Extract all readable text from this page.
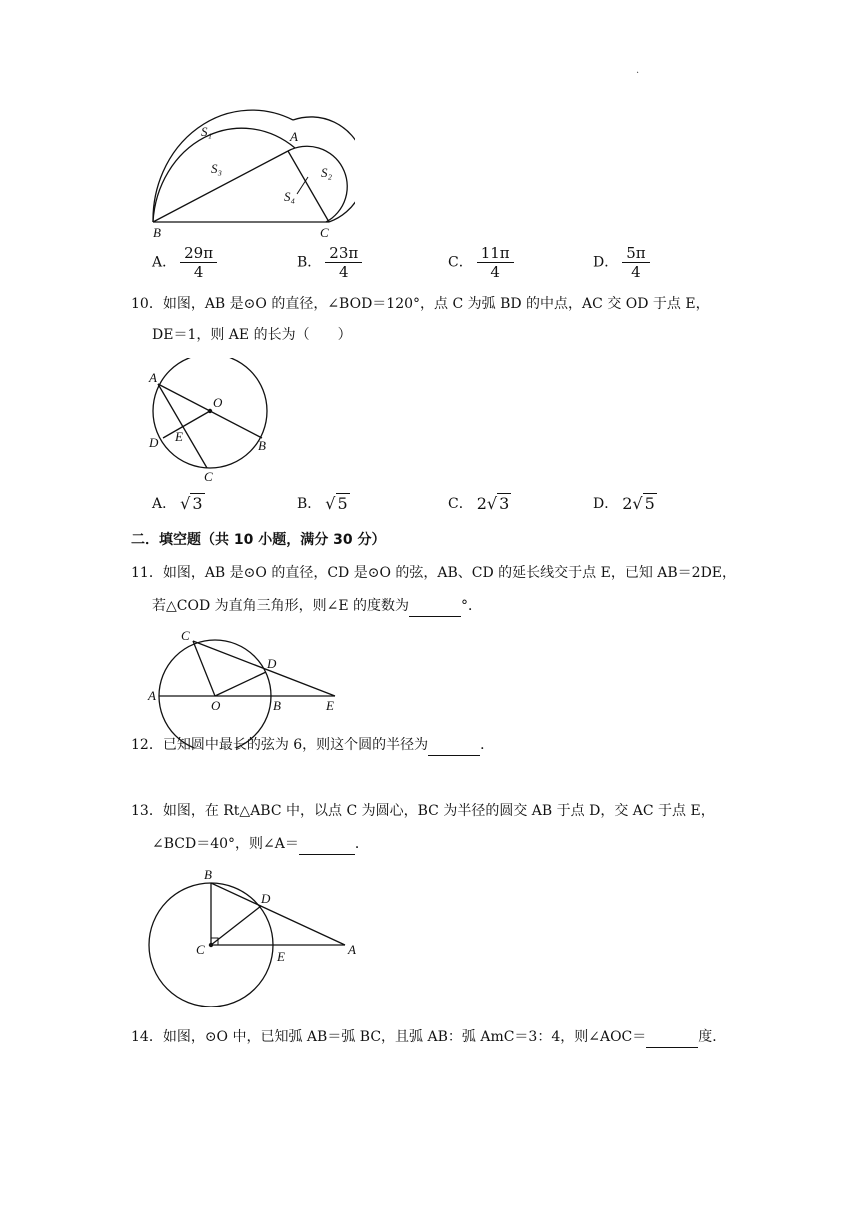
·
S₁
S₃	S₂
S₄
A
B	C
A． $\frac{29\pi}{4}$	B． $\frac{23\pi}{4}$	C． $\frac{11\pi}{4}$	D． $\frac{5\pi}{4}$
10．如图，AB 是⊙O 的直径，∠BOD＝120°，点 C 为弧 BD 的中点，AC 交 OD 于点 E，
DE＝1，则 AE 的长为（　　）
A
O
D E
B
C
A． √ 3	B． √ 5	C． 2√ 3	D． 2√ 5
二．填空题（共 10 小题，满分 30 分）
11．如图，AB 是⊙O 的直径，CD 是⊙O 的弦，AB、CD 的延长线交于点 E，已知 AB＝2DE，
若△COD 为直角三角形，则∠E 的度数为	°．
C
D
A
O	B	E
12．已知圆中最长的弦为 6，则这个圆的半径为	．
13．如图，在 Rt△ABC 中，以点 C 为圆心，BC 为半径的圆交 AB 于点 D，交 AC 于点 E，
∠BCD＝40°，则∠A＝	．
B
D
C	E	A
14．如图，⊙O 中，已知弧 AB＝弧 BC，且弧 AB：弧 AmC＝3：4，则∠AOC＝	度．
